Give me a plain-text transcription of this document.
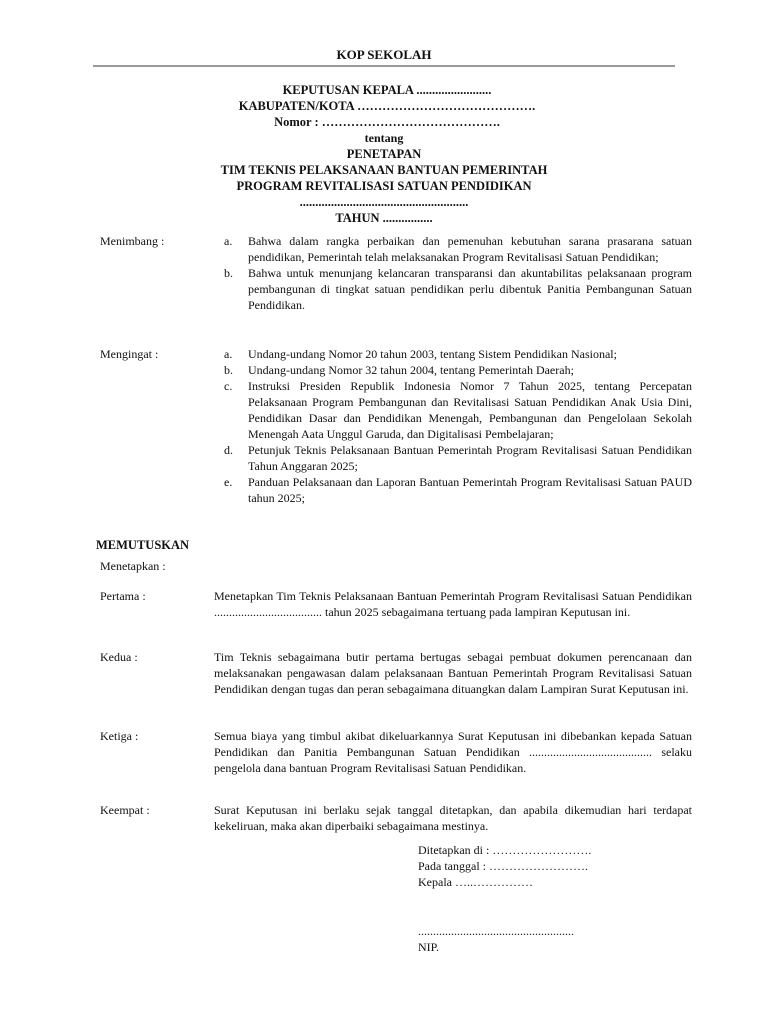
KOP SEKOLAH
KEPUTUSAN KEPALA ........................
KABUPATEN/KOTA …………………………………….
Nomor : …………………………………….
tentang
PENETAPAN
TIM TEKNIS PELAKSANAAN BANTUAN PEMERINTAH
PROGRAM REVITALISASI SATUAN PENDIDIKAN
......................................................
TAHUN ................
Menimbang :	a. Bahwa dalam rangka perbaikan dan pemenuhan kebutuhan sarana prasarana satuan pendidikan, Pemerintah telah melaksanakan Program Revitalisasi Satuan Pendidikan;
b. Bahwa untuk menunjang kelancaran transparansi dan akuntabilitas pelaksanaan program pembangunan di tingkat satuan pendidikan perlu dibentuk Panitia Pembangunan Satuan Pendidikan.
Mengingat :	a. Undang-undang Nomor 20 tahun 2003, tentang Sistem Pendidikan Nasional;
b. Undang-undang Nomor 32 tahun 2004, tentang Pemerintah Daerah;
c. Instruksi Presiden Republik Indonesia Nomor 7 Tahun 2025, tentang Percepatan Pelaksanaan Program Pembangunan dan Revitalisasi Satuan Pendidikan Anak Usia Dini, Pendidikan Dasar dan Pendidikan Menengah, Pembangunan dan Pengelolaan Sekolah Menengah Aata Unggul Garuda, dan Digitalisasi Pembelajaran;
d. Petunjuk Teknis Pelaksanaan Bantuan Pemerintah Program Revitalisasi Satuan Pendidikan Tahun Anggaran 2025;
e. Panduan Pelaksanaan dan Laporan Bantuan Pemerintah Program Revitalisasi Satuan PAUD tahun 2025;
MEMUTUSKAN
Menetapkan :
Pertama :	Menetapkan Tim Teknis Pelaksanaan Bantuan Pemerintah Program Revitalisasi Satuan Pendidikan .................................... tahun 2025 sebagaimana tertuang pada lampiran Keputusan ini.
Kedua :	Tim Teknis sebagaimana butir pertama bertugas sebagai pembuat dokumen perencanaan dan melaksanakan pengawasan dalam pelaksanaan Bantuan Pemerintah Program Revitalisasi Satuan Pendidikan dengan tugas dan peran sebagaimana dituangkan dalam Lampiran Surat Keputusan ini.
Ketiga :	Semua biaya yang timbul akibat dikeluarkannya Surat Keputusan ini dibebankan kepada Satuan Pendidikan dan Panitia Pembangunan Satuan Pendidikan ......................................... selaku pengelola dana bantuan Program Revitalisasi Satuan Pendidikan.
Keempat :	Surat Keputusan ini berlaku sejak tanggal ditetapkan, dan apabila dikemudian hari terdapat kekeliruan, maka akan diperbaiki sebagaimana mestinya.
Ditetapkan di : …………………….
Pada tanggal : …………………….
Kepala …..……………
....................................................
NIP.
